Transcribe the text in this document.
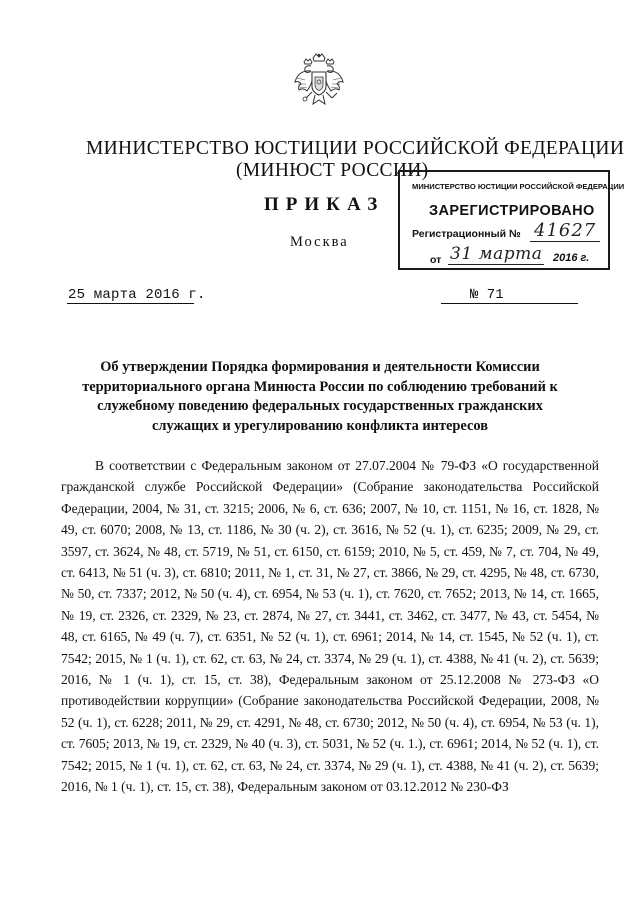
МИНИСТЕРСТВО ЮСТИЦИИ РОССИЙСКОЙ ФЕДЕРАЦИИ
(МИНЮСТ РОССИИ)
МИНИСТЕРСТВО ЮСТИЦИИ РОССИЙСКОЙ ФЕДЕРАЦИИ
ЗАРЕГИСТРИРОВАНО
Регистрационный № 41627
от 31 марта 2016 г.
ПРИКАЗ
Москва
25 марта 2016 г.	№ 71
Об утверждении Порядка формирования и деятельности Комиссии территориального органа Минюста России по соблюдению требований к служебному поведению федеральных государственных гражданских служащих и урегулированию конфликта интересов
В соответствии с Федеральным законом от 27.07.2004 № 79-ФЗ «О государственной гражданской службе Российской Федерации» (Собрание законодательства Российской Федерации, 2004, № 31, ст. 3215; 2006, № 6, ст. 636; 2007, № 10, ст. 1151, № 16, ст. 1828, № 49, ст. 6070; 2008, № 13, ст. 1186, № 30 (ч. 2), ст. 3616, № 52 (ч. 1), ст. 6235; 2009, № 29, ст. 3597, ст. 3624, № 48, ст. 5719, № 51, ст. 6150, ст. 6159; 2010, № 5, ст. 459, № 7, ст. 704, № 49, ст. 6413, № 51 (ч. 3), ст. 6810; 2011, № 1, ст. 31, № 27, ст. 3866, № 29, ст. 4295, № 48, ст. 6730, № 50, ст. 7337; 2012, № 50 (ч. 4), ст. 6954, № 53 (ч. 1), ст. 7620, ст. 7652; 2013, № 14, ст. 1665, № 19, ст. 2326, ст. 2329, № 23, ст. 2874, № 27, ст. 3441, ст. 3462, ст. 3477, № 43, ст. 5454, № 48, ст. 6165, № 49 (ч. 7), ст. 6351, № 52 (ч. 1), ст. 6961; 2014, № 14, ст. 1545, № 52 (ч. 1), ст. 7542; 2015, № 1 (ч. 1), ст. 62, ст. 63, № 24, ст. 3374, № 29 (ч. 1), ст. 4388, № 41 (ч. 2), ст. 5639; 2016, № 1 (ч. 1), ст. 15, ст. 38), Федеральным законом от 25.12.2008 № 273-ФЗ «О противодействии коррупции» (Собрание законодательства Российской Федерации, 2008, № 52 (ч. 1), ст. 6228; 2011, № 29, ст. 4291, № 48, ст. 6730; 2012, № 50 (ч. 4), ст. 6954, № 53 (ч. 1), ст. 7605; 2013, № 19, ст. 2329, № 40 (ч. 3), ст. 5031, № 52 (ч. 1.), ст. 6961; 2014, № 52 (ч. 1), ст. 7542; 2015, № 1 (ч. 1), ст. 62, ст. 63, № 24, ст. 3374, № 29 (ч. 1), ст. 4388, № 41 (ч. 2), ст. 5639; 2016, № 1 (ч. 1), ст. 15, ст. 38), Федеральным законом от 03.12.2012 № 230-ФЗ
